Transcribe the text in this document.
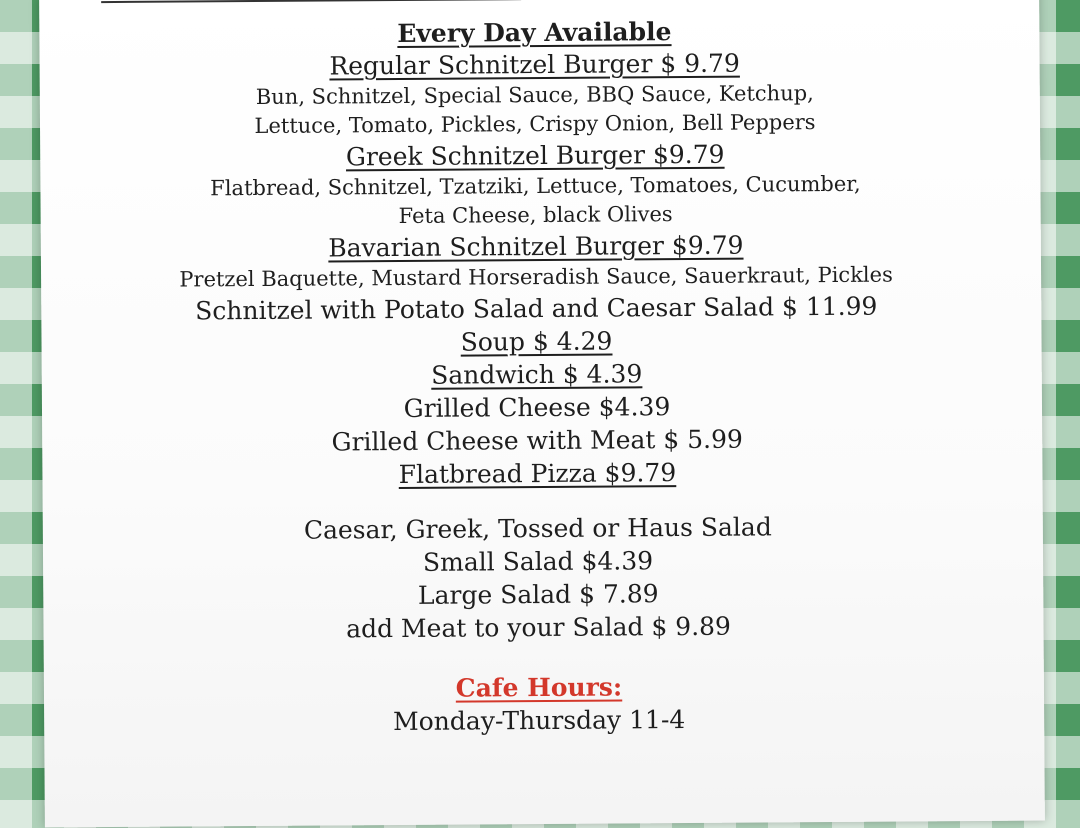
Every Day Available
Regular Schnitzel Burger $ 9.79
Bun, Schnitzel, Special Sauce, BBQ Sauce, Ketchup,
Lettuce, Tomato, Pickles, Crispy Onion, Bell Peppers
Greek Schnitzel Burger $9.79
Flatbread, Schnitzel, Tzatziki, Lettuce, Tomatoes, Cucumber,
Feta Cheese, black Olives
Bavarian Schnitzel Burger $9.79
Pretzel Baquette, Mustard Horseradish Sauce, Sauerkraut, Pickles
Schnitzel with Potato Salad and Caesar Salad $ 11.99
Soup $ 4.29
Sandwich $ 4.39
Grilled Cheese $4.39
Grilled Cheese with Meat $ 5.99
Flatbread Pizza $9.79
Caesar, Greek, Tossed or Haus Salad
Small Salad $4.39
Large Salad $ 7.89
add Meat to your Salad $ 9.89
Cafe Hours:
Monday-Thursday 11-4
